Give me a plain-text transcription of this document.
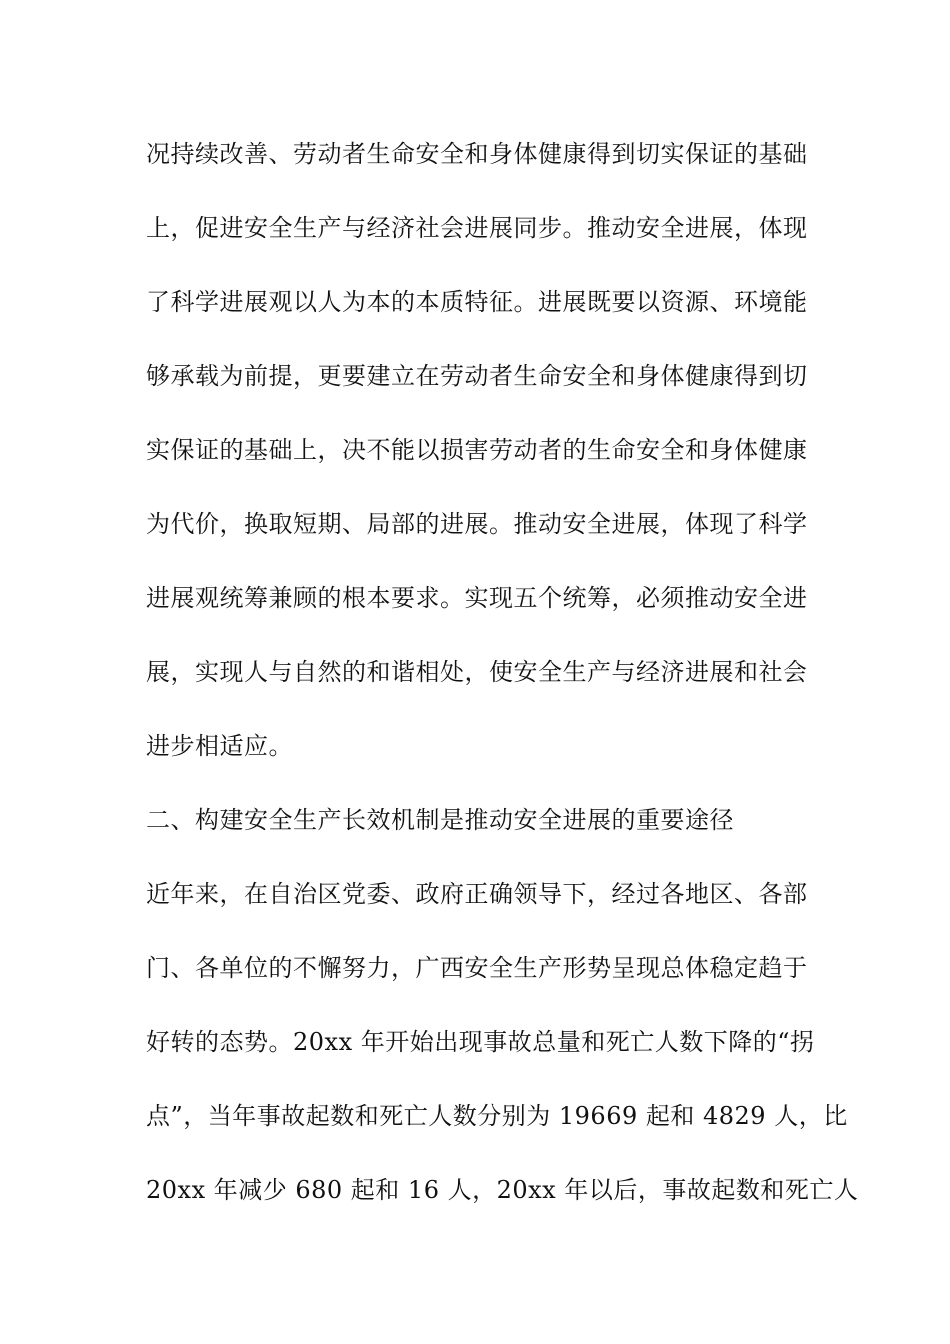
况持续改善、劳动者生命安全和身体健康得到切实保证的基础
上，促进安全生产与经济社会进展同步。推动安全进展，体现
了科学进展观以人为本的本质特征。进展既要以资源、环境能
够承载为前提，更要建立在劳动者生命安全和身体健康得到切
实保证的基础上，决不能以损害劳动者的生命安全和身体健康
为代价，换取短期、局部的进展。推动安全进展，体现了科学
进展观统筹兼顾的根本要求。实现五个统筹，必须推动安全进
展，实现人与自然的和谐相处，使安全生产与经济进展和社会
进步相适应。
二、构建安全生产长效机制是推动安全进展的重要途径
近年来，在自治区党委、政府正确领导下，经过各地区、各部
门、各单位的不懈努力，广西安全生产形势呈现总体稳定趋于
好转的态势。20xx 年开始出现事故总量和死亡人数下降的“拐
点”，当年事故起数和死亡人数分别为 19669 起和 4829 人，比
20xx 年减少 680 起和 16 人，20xx 年以后，事故起数和死亡人
